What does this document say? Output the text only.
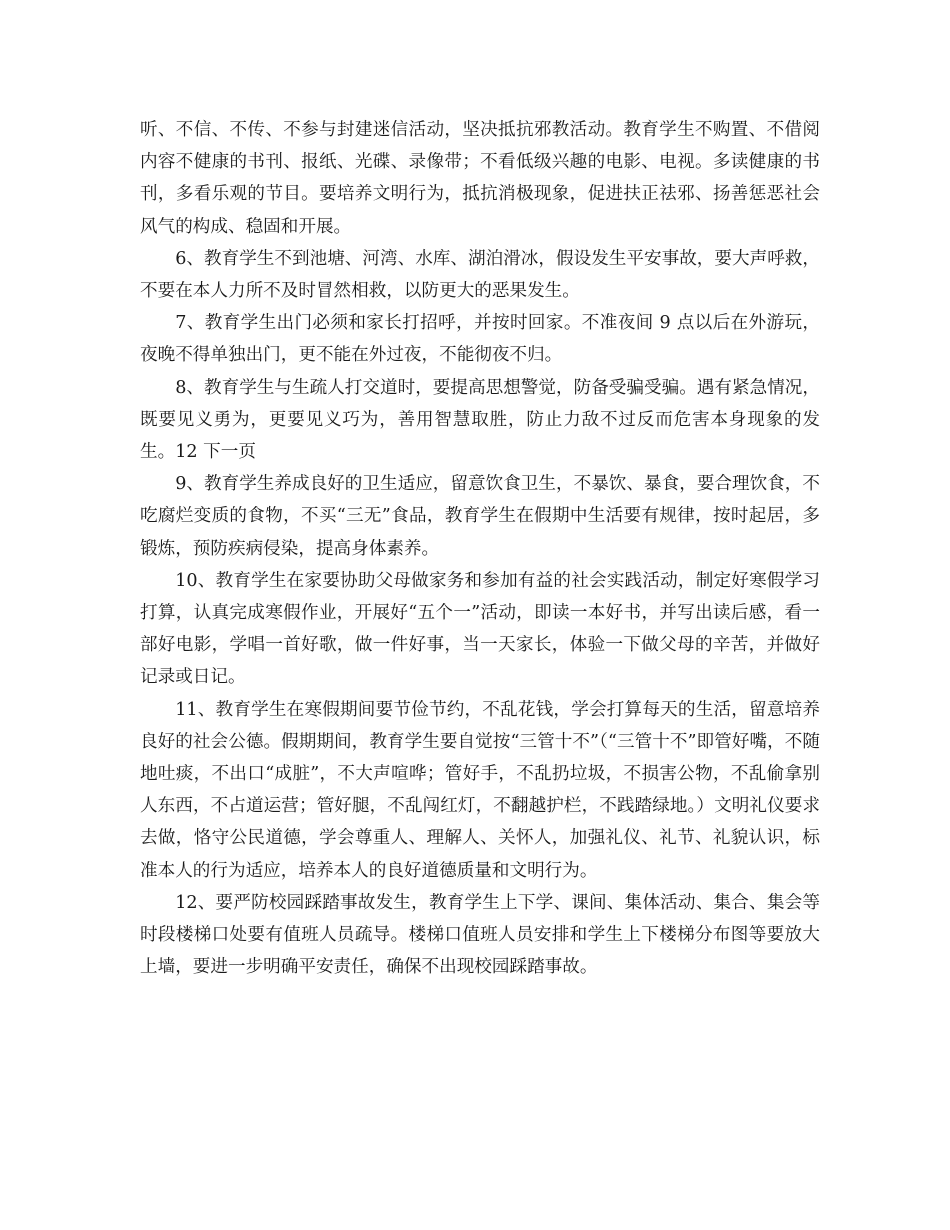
听、不信、不传、不参与封建迷信活动，坚决抵抗邪教活动。教育学生不购置、不借阅内容不健康的书刊、报纸、光碟、录像带；不看低级兴趣的电影、电视。多读健康的书刊，多看乐观的节目。要培养文明行为，抵抗消极现象，促进扶正祛邪、扬善惩恶社会风气的构成、稳固和开展。

6、教育学生不到池塘、河湾、水库、湖泊滑冰，假设发生平安事故，要大声呼救，不要在本人力所不及时冒然相救，以防更大的恶果发生。

7、教育学生出门必须和家长打招呼，并按时回家。不准夜间 9 点以后在外游玩，夜晚不得单独出门，更不能在外过夜，不能彻夜不归。

8、教育学生与生疏人打交道时，要提高思想警觉，防备受骗受骗。遇有紧急情况，既要见义勇为，更要见义巧为，善用智慧取胜，防止力敌不过反而危害本身现象的发生。12 下一页

9、教育学生养成良好的卫生适应，留意饮食卫生，不暴饮、暴食，要合理饮食，不吃腐烂变质的食物，不买“三无”食品，教育学生在假期中生活要有规律，按时起居，多锻炼，预防疾病侵染，提高身体素养。

10、教育学生在家要协助父母做家务和参加有益的社会实践活动，制定好寒假学习打算，认真完成寒假作业，开展好“五个一”活动，即读一本好书，并写出读后感，看一部好电影，学唱一首好歌，做一件好事，当一天家长，体验一下做父母的辛苦，并做好记录或日记。

11、教育学生在寒假期间要节俭节约，不乱花钱，学会打算每天的生活，留意培养良好的社会公德。假期期间，教育学生要自觉按“三管十不”（“三管十不”即管好嘴，不随地吐痰，不出口“成脏”，不大声喧哗；管好手，不乱扔垃圾，不损害公物，不乱偷拿别人东西，不占道运营；管好腿，不乱闯红灯，不翻越护栏，不践踏绿地。）文明礼仪要求去做，恪守公民道德，学会尊重人、理解人、关怀人，加强礼仪、礼节、礼貌认识，标准本人的行为适应，培养本人的良好道德质量和文明行为。

12、要严防校园踩踏事故发生，教育学生上下学、课间、集体活动、集合、集会等时段楼梯口处要有值班人员疏导。楼梯口值班人员安排和学生上下楼梯分布图等要放大上墙，要进一步明确平安责任，确保不出现校园踩踏事故。
